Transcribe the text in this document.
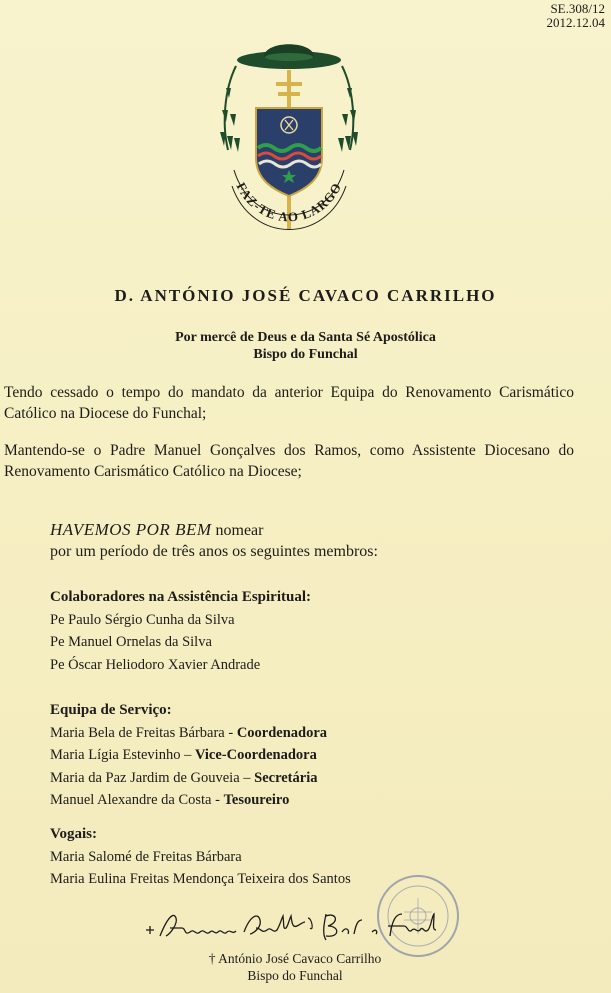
SE.308/12
2012.12.04
FAZ-TE AO LARGO
D. ANTÓNIO JOSÉ CAVACO CARRILHO
Por mercê de Deus e da Santa Sé Apostólica
Bispo do Funchal
Tendo cessado o tempo do mandato da anterior Equipa do Renovamento Carismático Católico na Diocese do Funchal;
Mantendo-se o Padre Manuel Gonçalves dos Ramos, como Assistente Diocesano do Renovamento Carismático Católico na Diocese;
HAVEMOS POR BEM nomear
por um período de três anos os seguintes membros:
Colaboradores na Assistência Espiritual:
Pe Paulo Sérgio Cunha da Silva
Pe Manuel Ornelas da Silva
Pe Óscar Heliodoro Xavier Andrade
Equipa de Serviço:
Maria Bela de Freitas Bárbara - Coordenadora
Maria Lígia Estevinho – Vice-Coordenadora
Maria da Paz Jardim de Gouveia – Secretária
Manuel Alexandre da Costa - Tesoureiro
Vogais:
Maria Salomé de Freitas Bárbara
Maria Eulina Freitas Mendonça Teixeira dos Santos
† António José Cavaco Carrilho
Bispo do Funchal
